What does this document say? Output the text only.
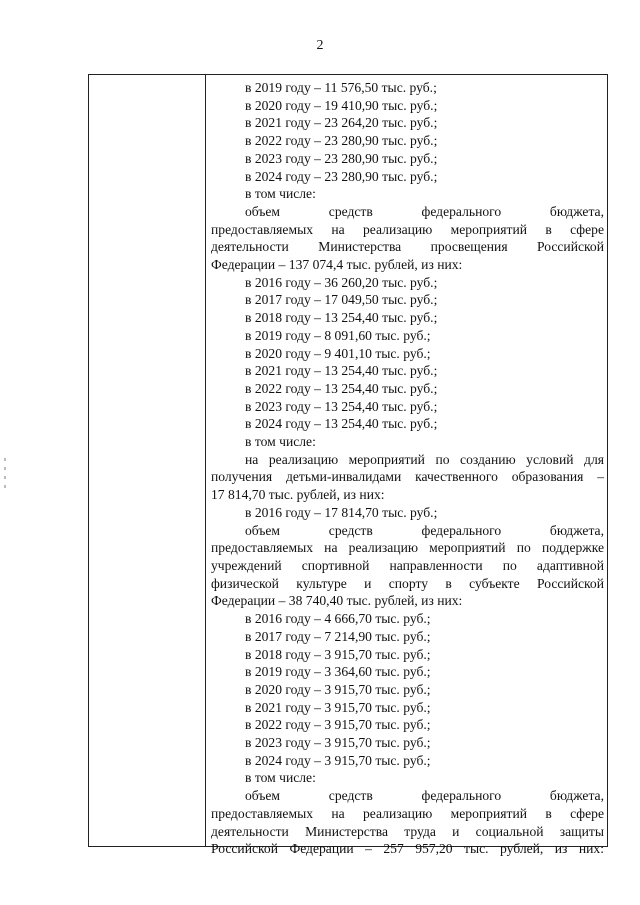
2
в 2019 году – 11 576,50 тыс. руб.;
в 2020 году – 19 410,90 тыс. руб.;
в 2021 году – 23 264,20 тыс. руб.;
в 2022 году – 23 280,90 тыс. руб.;
в 2023 году – 23 280,90 тыс. руб.;
в 2024 году – 23 280,90 тыс. руб.;
в том числе:
объем средств федерального бюджета,
предоставляемых на реализацию мероприятий в сфере
деятельности Министерства просвещения Российской
Федерации – 137 074,4 тыс. рублей, из них:
в 2016 году – 36 260,20 тыс. руб.;
в 2017 году – 17 049,50 тыс. руб.;
в 2018 году – 13 254,40 тыс. руб.;
в 2019 году – 8 091,60 тыс. руб.;
в 2020 году – 9 401,10 тыс. руб.;
в 2021 году – 13 254,40 тыс. руб.;
в 2022 году – 13 254,40 тыс. руб.;
в 2023 году – 13 254,40 тыс. руб.;
в 2024 году – 13 254,40 тыс. руб.;
в том числе:
на реализацию мероприятий по созданию условий для
получения детьми-инвалидами качественного образования –
17 814,70 тыс. рублей, из них:
в 2016 году – 17 814,70 тыс. руб.;
объем средств федерального бюджета,
предоставляемых на реализацию мероприятий по поддержке
учреждений спортивной направленности по адаптивной
физической культуре и спорту в субъекте Российской
Федерации – 38 740,40 тыс. рублей, из них:
в 2016 году – 4 666,70 тыс. руб.;
в 2017 году – 7 214,90 тыс. руб.;
в 2018 году – 3 915,70 тыс. руб.;
в 2019 году – 3 364,60 тыс. руб.;
в 2020 году – 3 915,70 тыс. руб.;
в 2021 году – 3 915,70 тыс. руб.;
в 2022 году – 3 915,70 тыс. руб.;
в 2023 году – 3 915,70 тыс. руб.;
в 2024 году – 3 915,70 тыс. руб.;
в том числе:
объем средств федерального бюджета,
предоставляемых на реализацию мероприятий в сфере
деятельности Министерства труда и социальной защиты
Российской Федерации – 257 957,20 тыс. рублей, из них:
